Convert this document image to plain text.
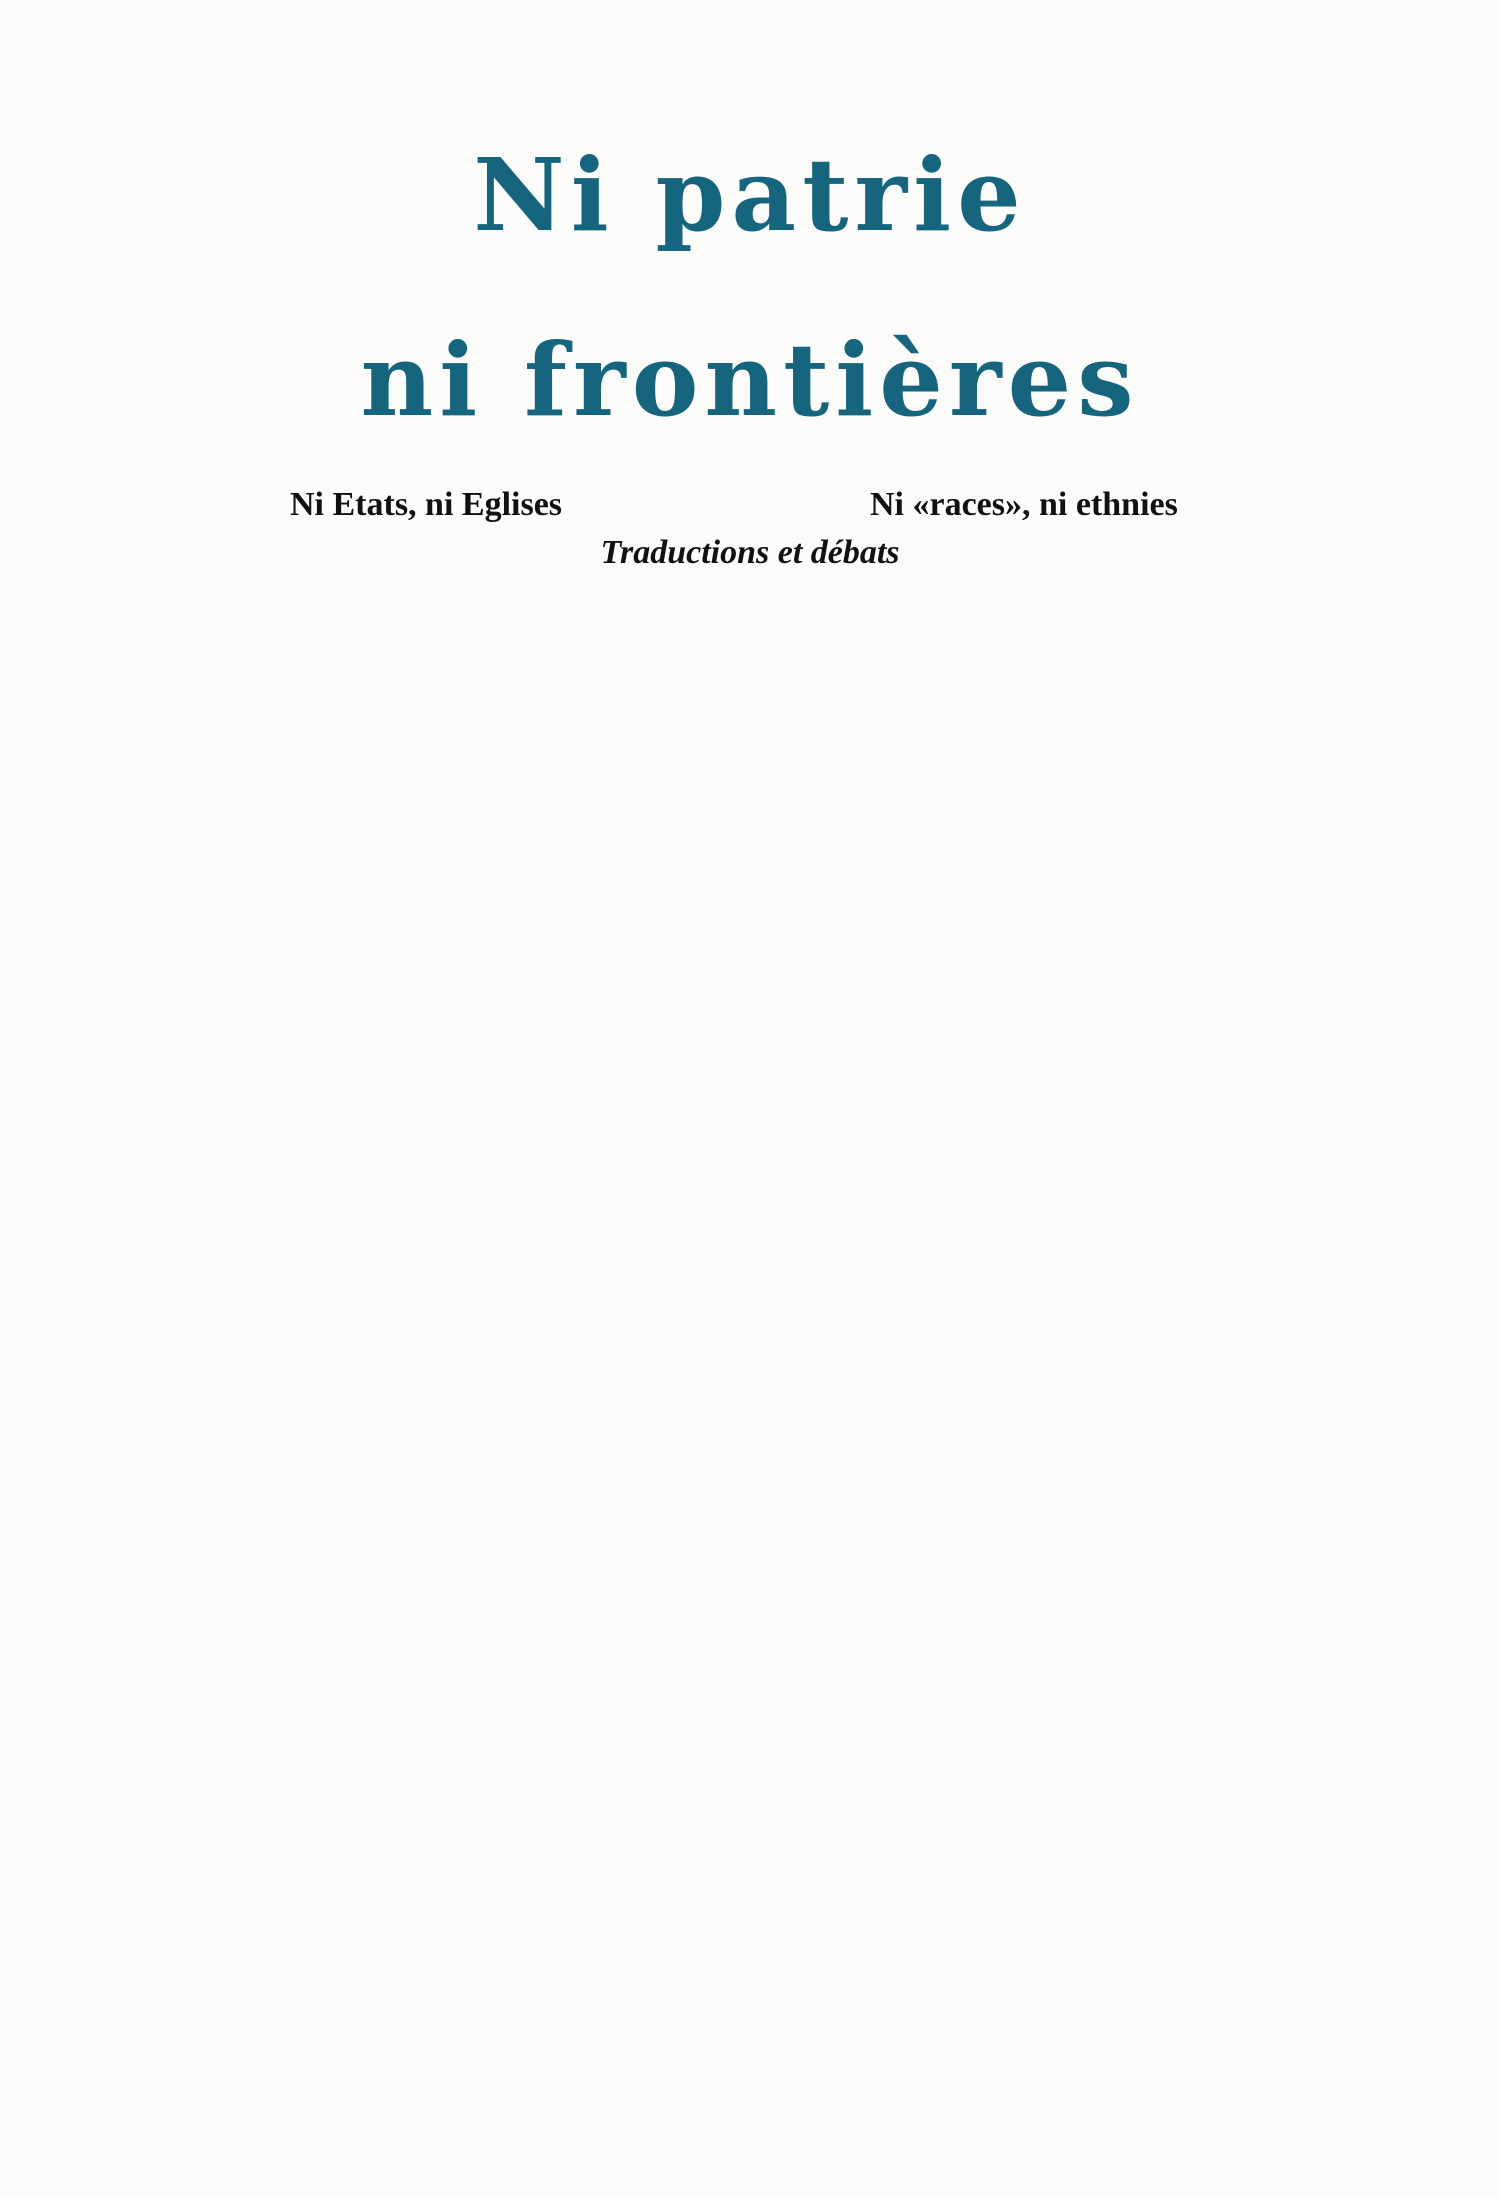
Ni patrie
ni frontières
Ni Etats, ni Eglises	Ni «races», ni ethnies
Traductions et débats
